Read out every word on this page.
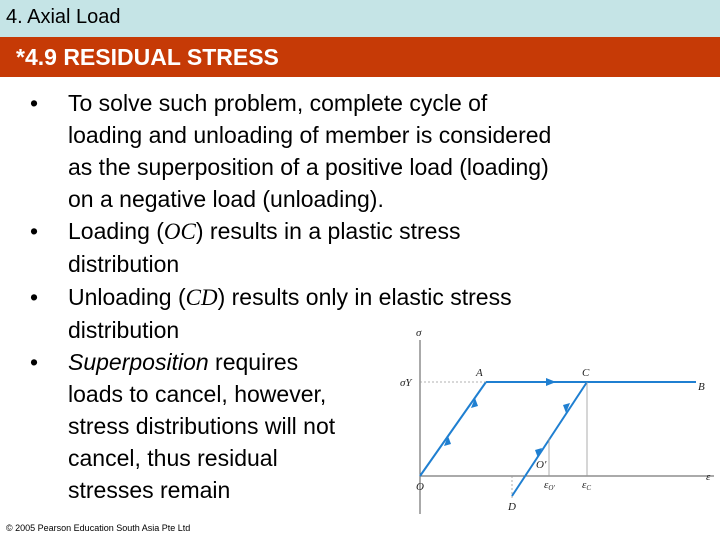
4. Axial Load
*4.9 RESIDUAL STRESS
•	To solve such problem, complete cycle of
loading and unloading of member is considered
as the superposition of a positive load (loading)
on a negative load (unloading).
•	Loading (OC) results in a plastic stress
distribution
•	Unloading (CD) results only in elastic stress
distribution
•	Superposition requires
loads to cancel, however,
stress distributions will not
cancel, thus residual
stresses remain
σ
σY
A	C
B
O
O′
D
εO′ εC
ε
© 2005 Pearson Education South Asia Pte Ltd
